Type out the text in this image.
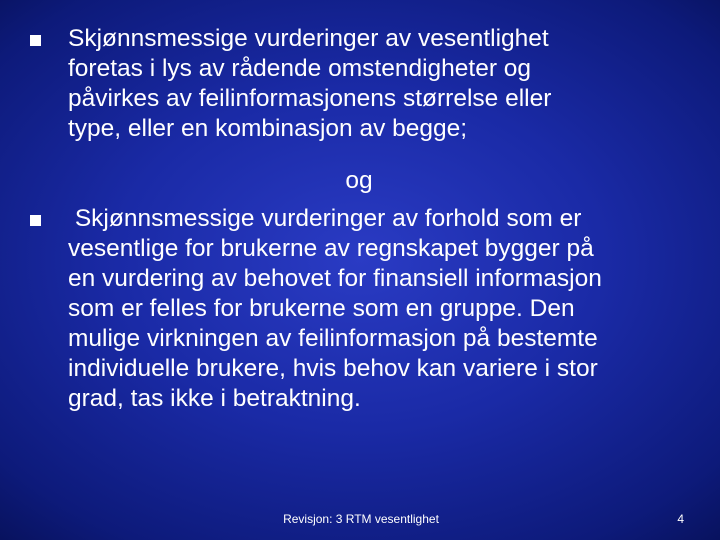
Skjønnsmessige vurderinger av vesentlighet
foretas i lys av rådende omstendigheter og
påvirkes av feilinformasjonens størrelse eller
type, eller en kombinasjon av begge;
og
Skjønnsmessige vurderinger av forhold som er
vesentlige for brukerne av regnskapet bygger på
en vurdering av behovet for finansiell informasjon
som er felles for brukerne som en gruppe. Den
mulige virkningen av feilinformasjon på bestemte
individuelle brukere, hvis behov kan variere i stor
grad, tas ikke i betraktning.
Revisjon: 3 RTM vesentlighet	4
